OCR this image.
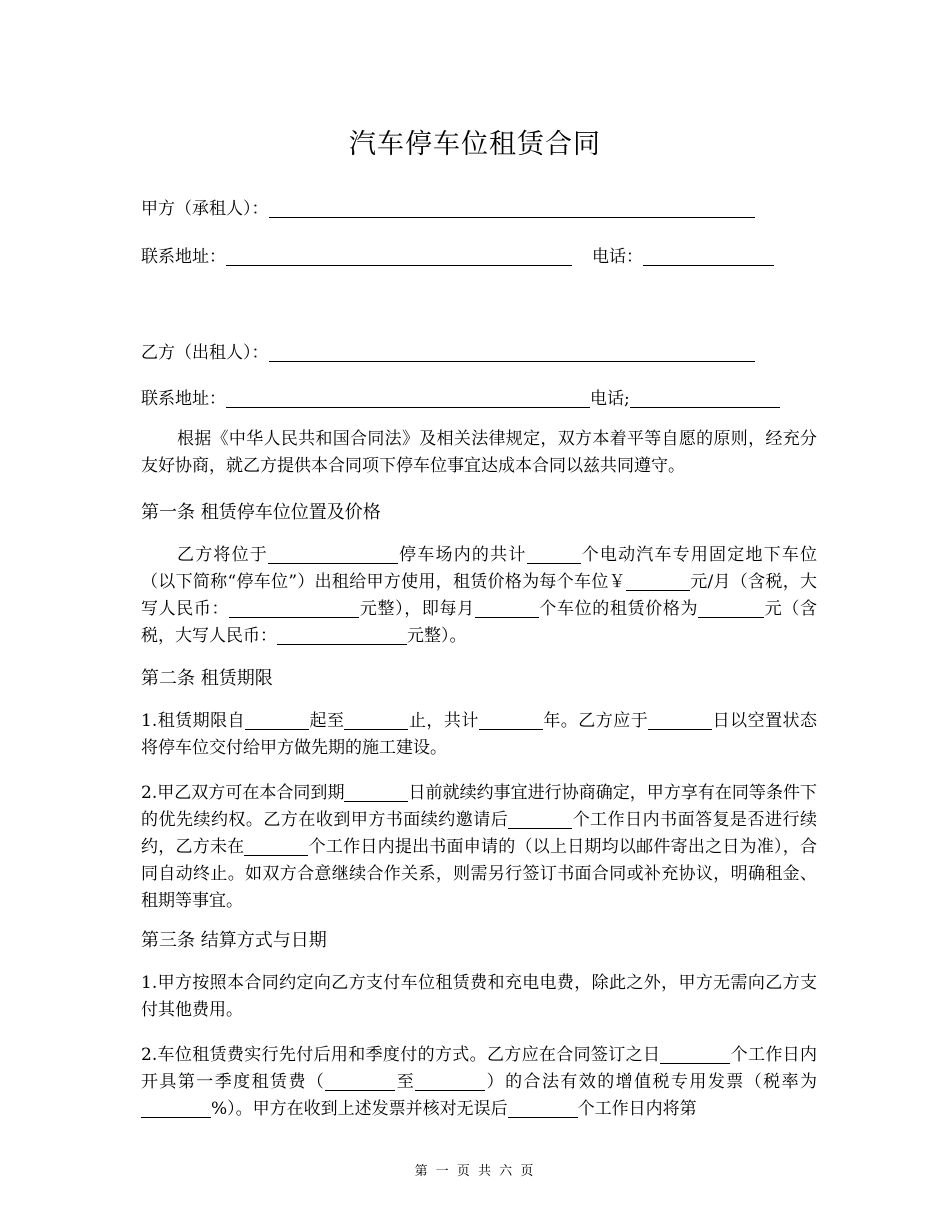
汽车停车位租赁合同
甲方（承租人）：
联系地址：	电话：
乙方（出租人）：
联系地址：	电话;
根据《中华人民共和国合同法》及相关法律规定，双方本着平等自愿的原则，经充分友好协商，就乙方提供本合同项下停车位事宜达成本合同以兹共同遵守。
第一条 租赁停车位位置及价格
乙方将位于	停车场内的共计	个电动汽车专用固定地下车位（以下简称“停车位”）出租给甲方使用，租赁价格为每个车位￥	元/月（含税，大写人民币：	元整），即每月	个车位的租赁价格为	元（含税，大写人民币：	元整）。
第二条 租赁期限
1.租赁期限自	起至	止，共计	年。乙方应于	日以空置状态将停车位交付给甲方做先期的施工建设。
2.甲乙双方可在本合同到期	日前就续约事宜进行协商确定，甲方享有在同等条件下的优先续约权。乙方在收到甲方书面续约邀请后	个工作日内书面答复是否进行续约，乙方未在	个工作日内提出书面申请的（以上日期均以邮件寄出之日为准），合同自动终止。如双方合意继续合作关系，则需另行签订书面合同或补充协议，明确租金、租期等事宜。
第三条 结算方式与日期
1.甲方按照本合同约定向乙方支付车位租赁费和充电电费，除此之外，甲方无需向乙方支付其他费用。
2.车位租赁费实行先付后用和季度付的方式。乙方应在合同签订之日	个工作日内开具第一季度租赁费（	至	）的合法有效的增值税专用发票（税率为%）。甲方在收到上述发票并核对无误后	个工作日内将第
第 一 页 共 六 页
